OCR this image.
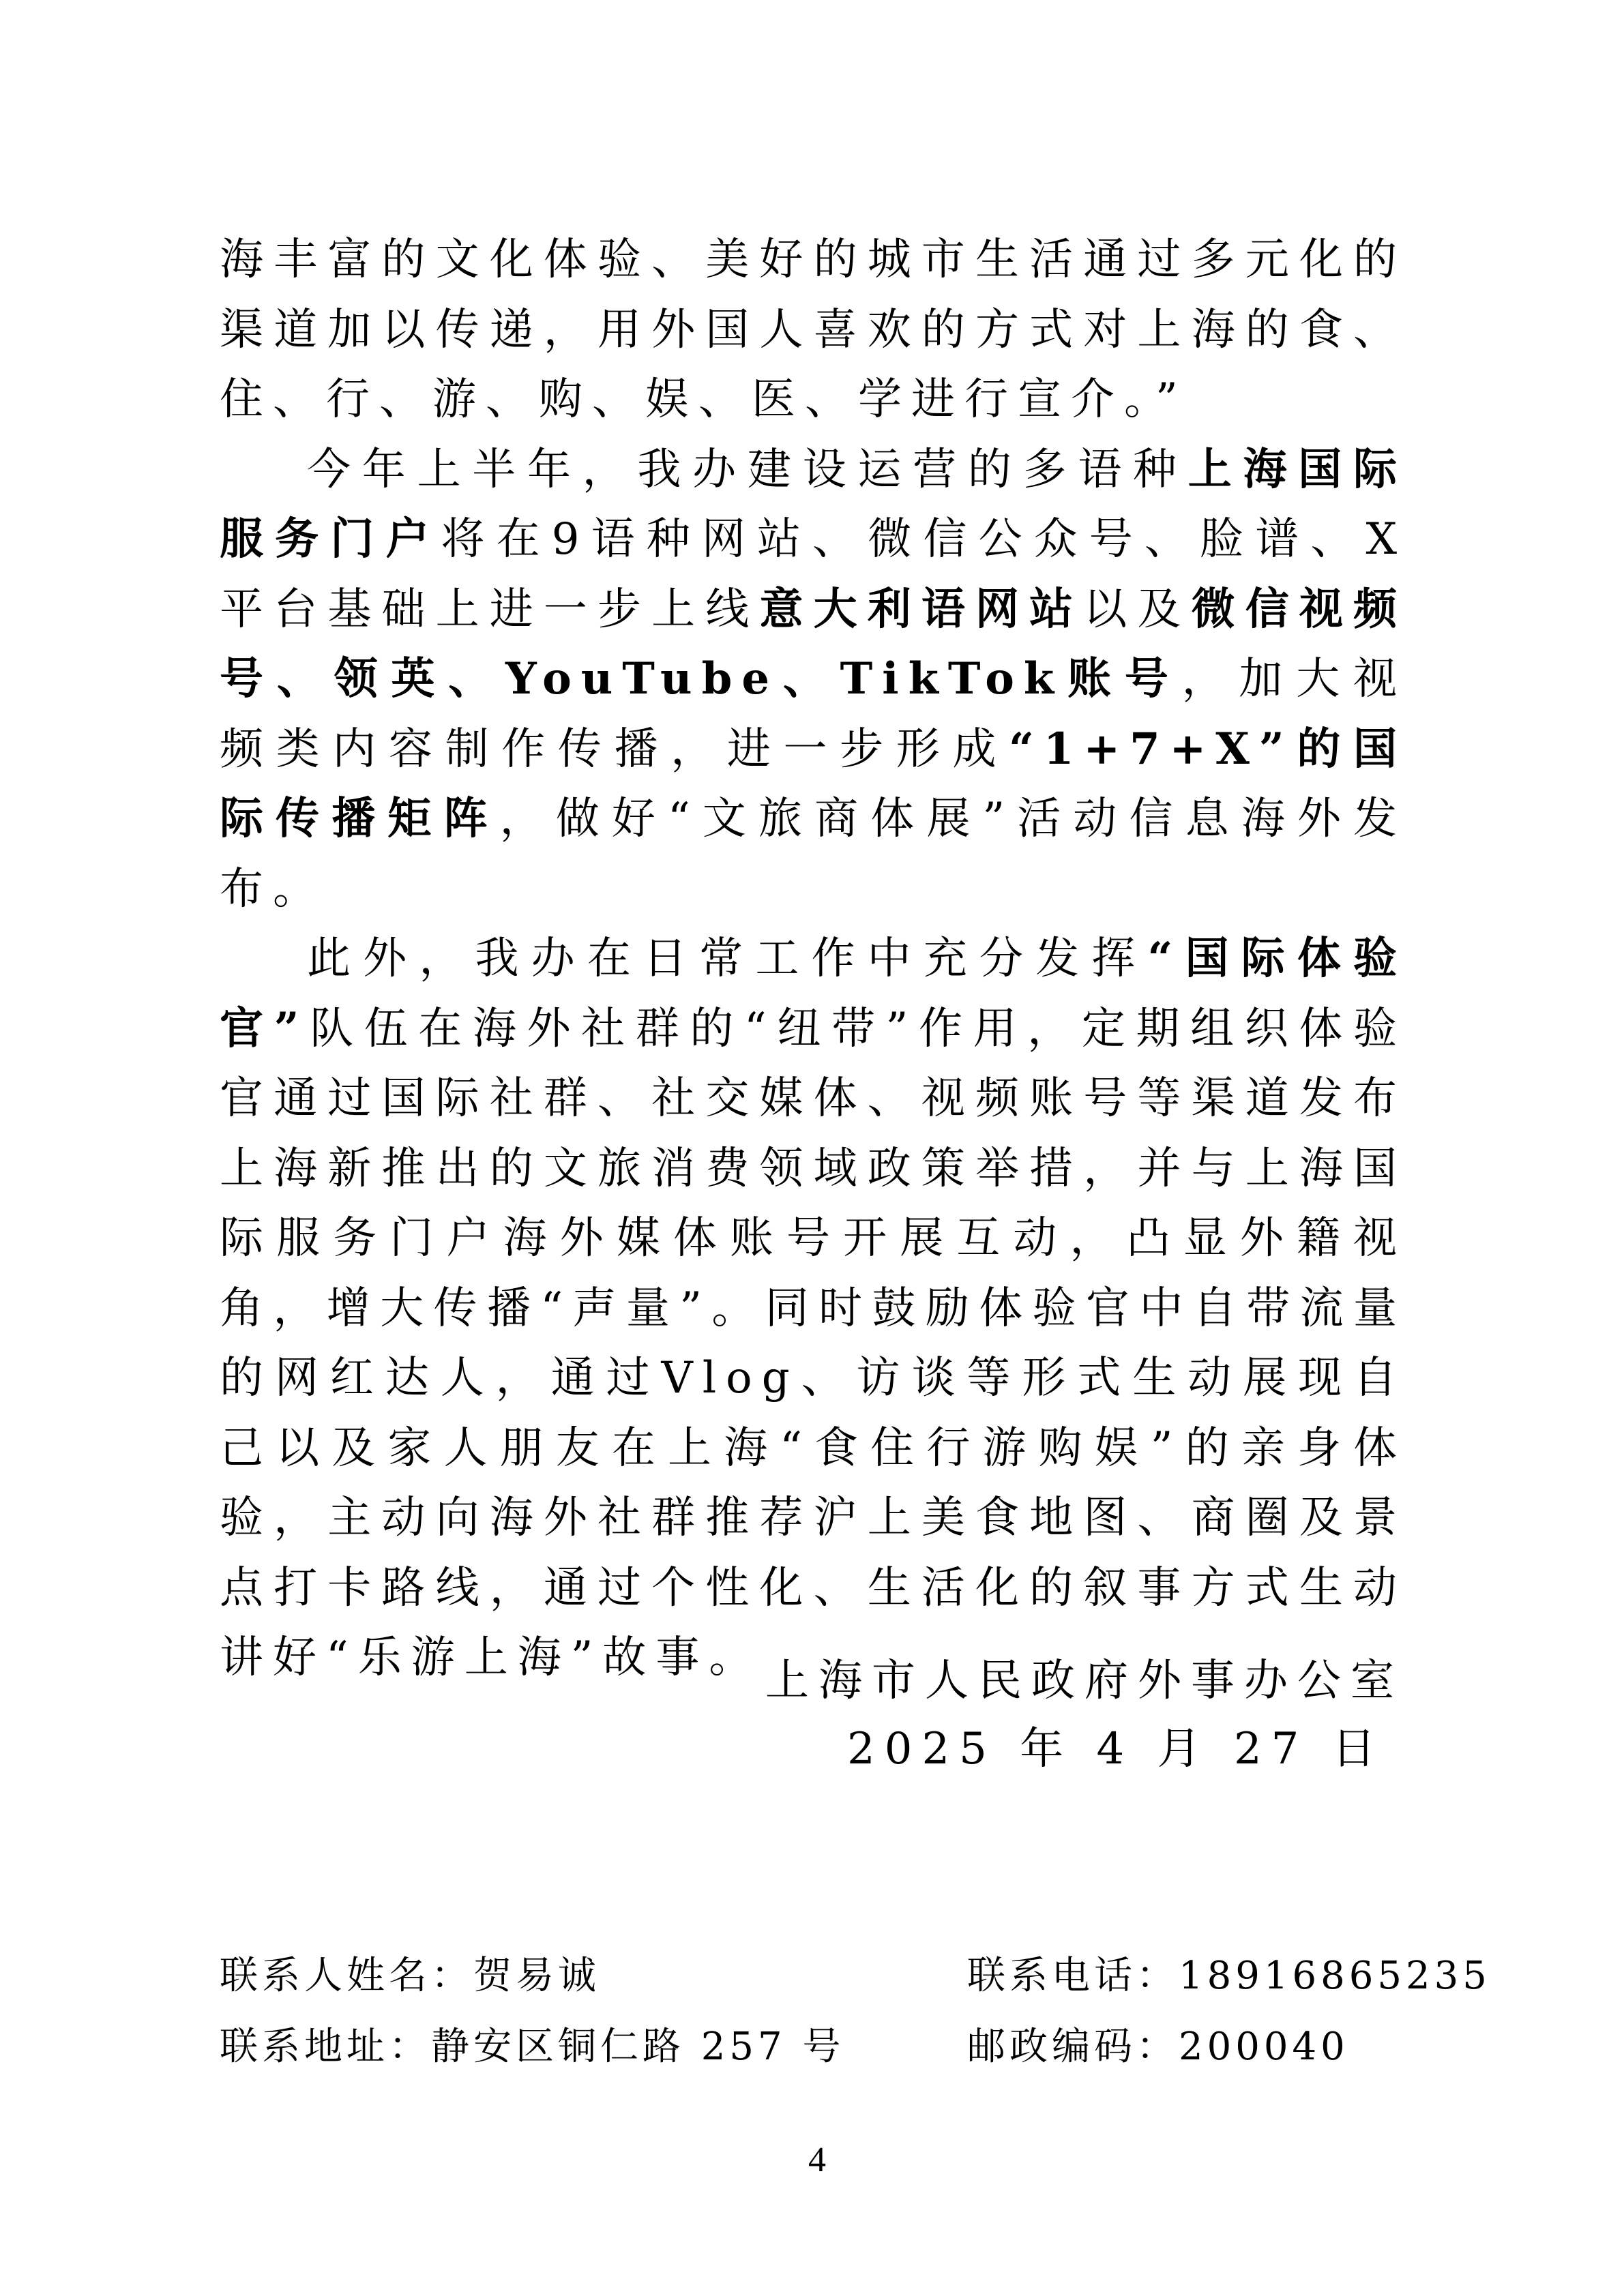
海丰富的文化体验、美好的城市生活通过多元化的渠道加以传递，用外国人喜欢的方式对上海的食、住、行、游、购、娱、医、学进行宣介。”

今年上半年，我办建设运营的多语种上海国际服务门户将在9语种网站、微信公众号、脸谱、X平台基础上进一步上线意大利语网站以及微信视频号、领英、YouTube、TikTok账号，加大视频类内容制作传播，进一步形成“1+7+X”的国际传播矩阵，做好“文旅商体展”活动信息海外发布。

此外，我办在日常工作中充分发挥“国际体验官”队伍在海外社群的“纽带”作用，定期组织体验官通过国际社群、社交媒体、视频账号等渠道发布上海新推出的文旅消费领域政策举措，并与上海国际服务门户海外媒体账号开展互动，凸显外籍视角，增大传播“声量”。同时鼓励体验官中自带流量的网红达人，通过Vlog、访谈等形式生动展现自己以及家人朋友在上海“食住行游购娱”的亲身体验，主动向海外社群推荐沪上美食地图、商圈及景点打卡路线，通过个性化、生活化的叙事方式生动讲好“乐游上海”故事。 上海市人民政府外事办公室
2025 年 4 月 27 日
联系人姓名：贺易诚	联系电话：18916865235
联系地址：静安区铜仁路 257 号	邮政编码：200040
4
